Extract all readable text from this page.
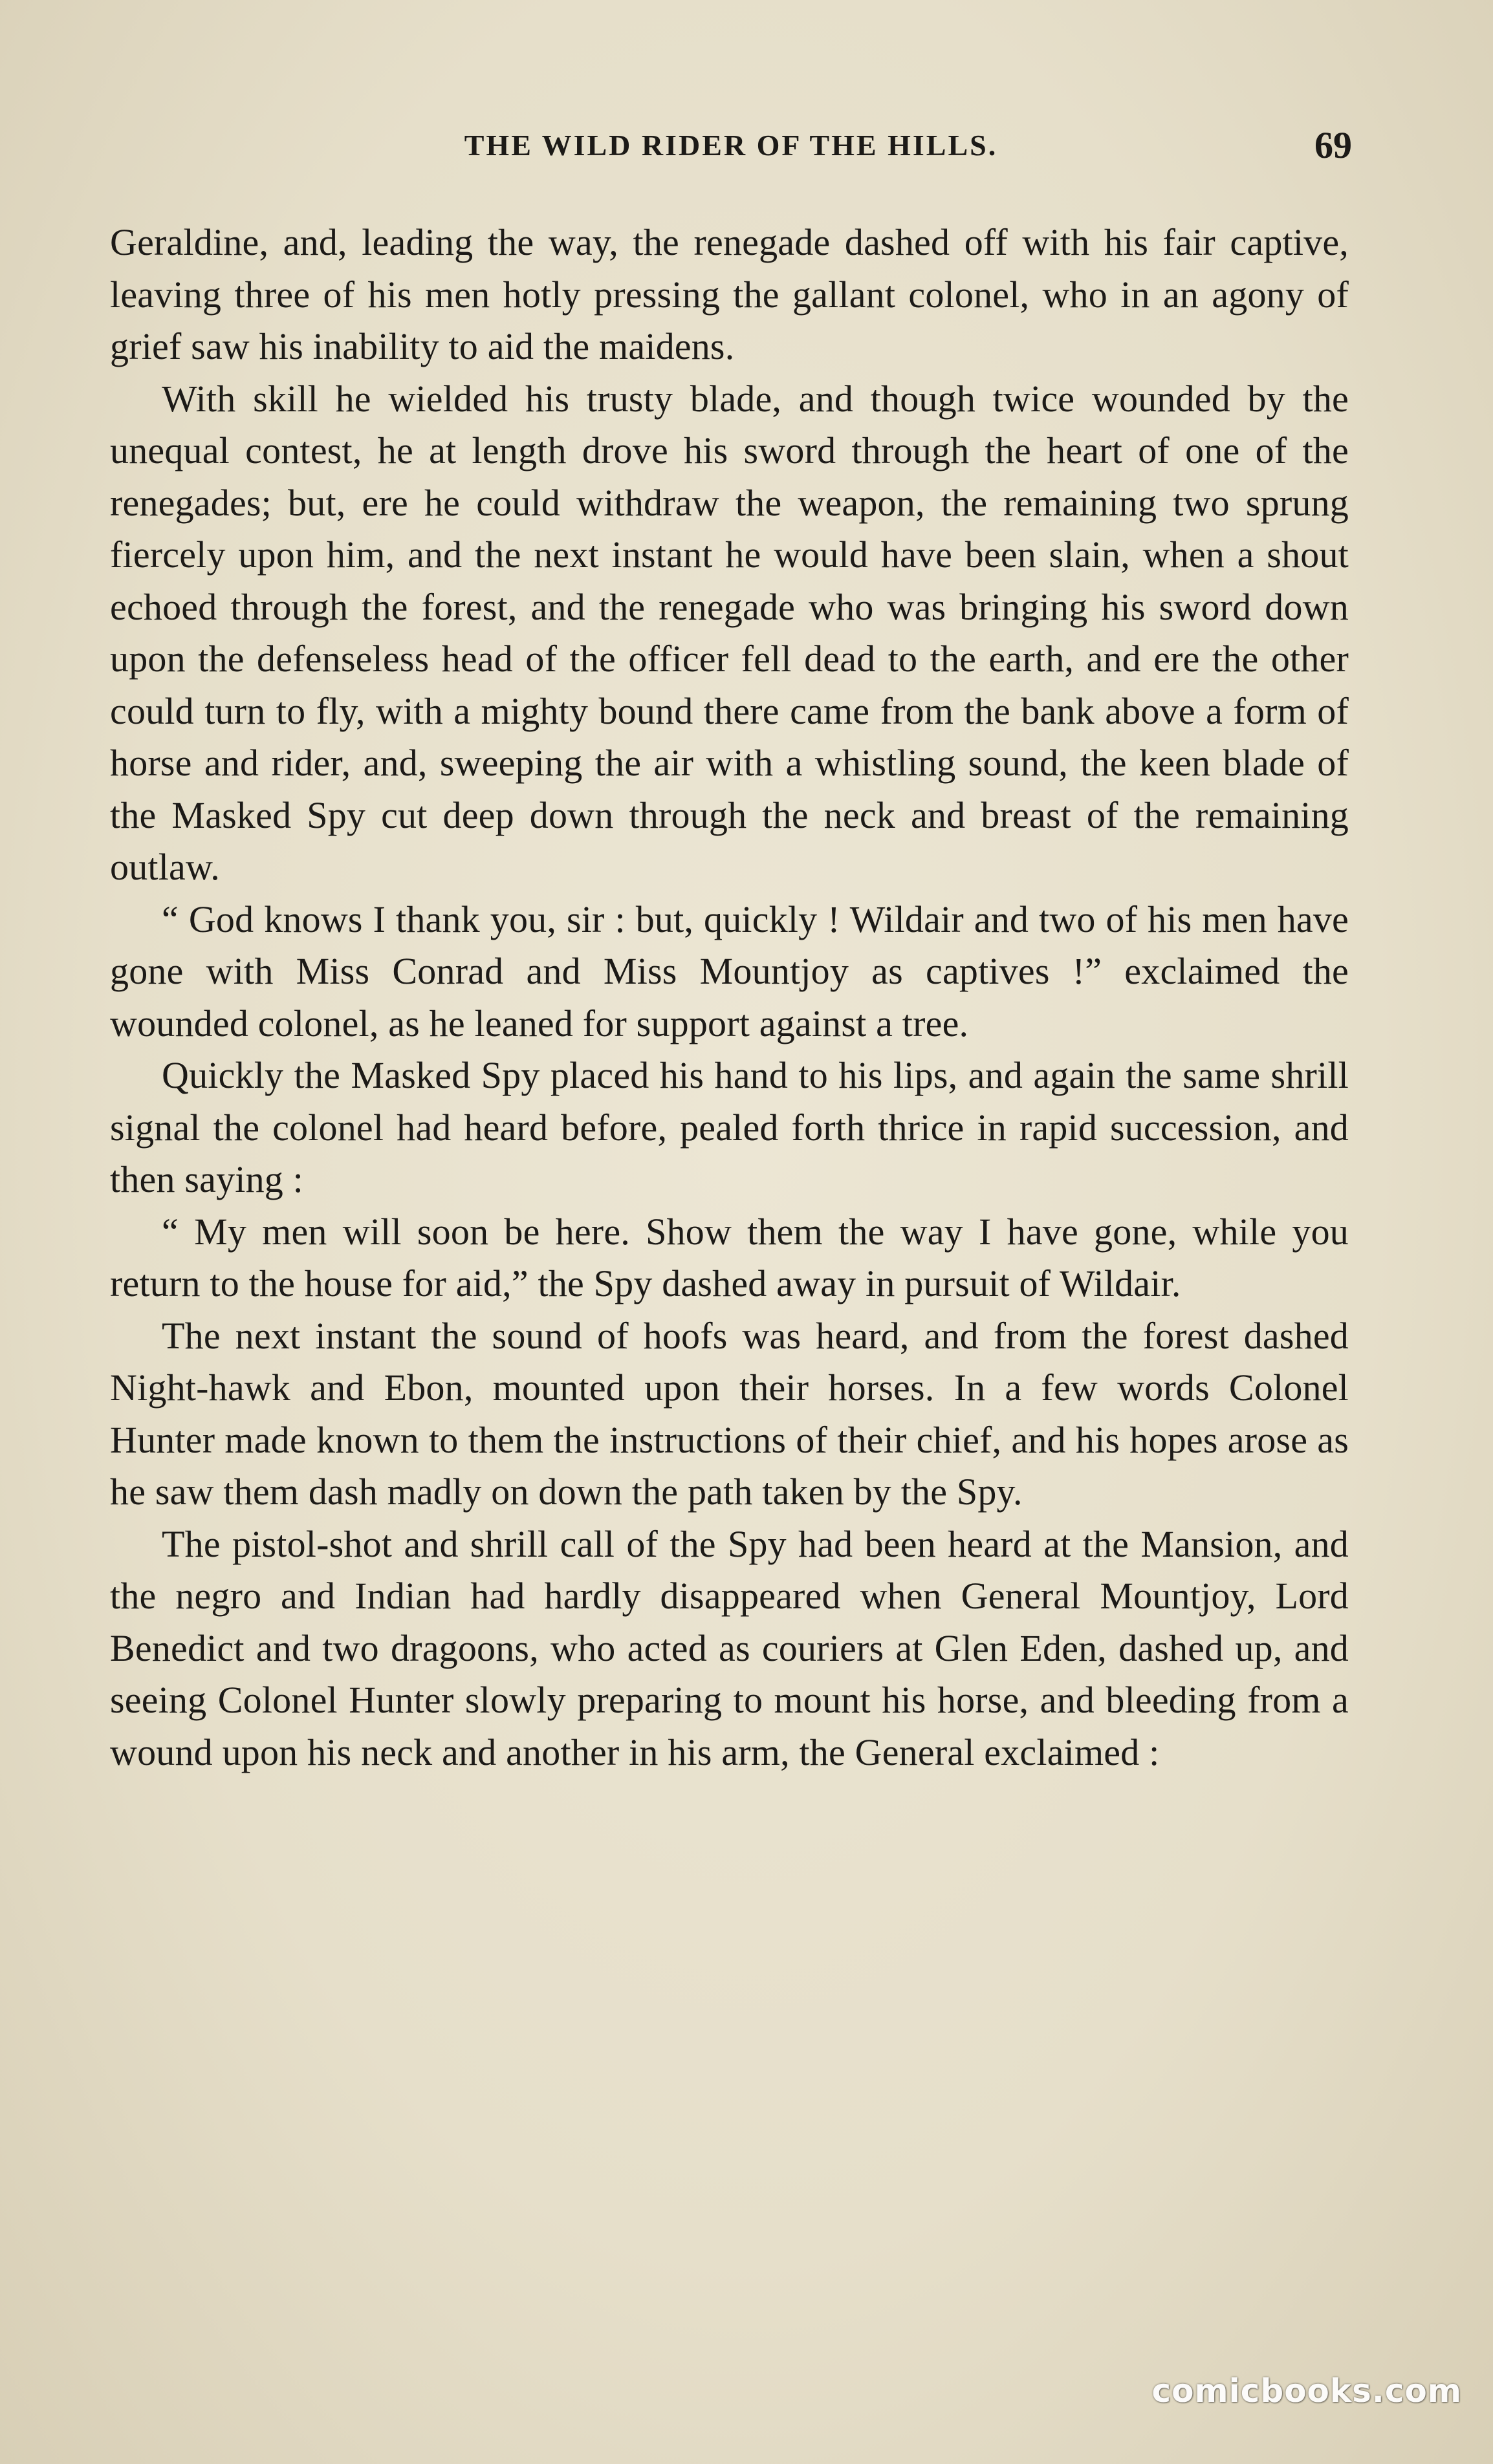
THE WILD RIDER OF THE HILLS.	69

Geraldine, and, leading the way, the renegade dashed off with his fair captive, leaving three of his men hotly pressing the gallant colonel, who in an agony of grief saw his inability to aid the maidens.

With skill he wielded his trusty blade, and though twice wounded by the unequal contest, he at length drove his sword through the heart of one of the renegades; but, ere he could withdraw the weapon, the remaining two sprung fiercely upon him, and the next instant he would have been slain, when a shout echoed through the forest, and the renegade who was bringing his sword down upon the defenseless head of the officer fell dead to the earth, and ere the other could turn to fly, with a mighty bound there came from the bank above a form of horse and rider, and, sweeping the air with a whistling sound, the keen blade of the Masked Spy cut deep down through the neck and breast of the remaining outlaw.

“ God knows I thank you, sir : but, quickly ! Wildair and two of his men have gone with Miss Conrad and Miss Mountjoy as captives !” exclaimed the wounded colonel, as he leaned for support against a tree.

Quickly the Masked Spy placed his hand to his lips, and again the same shrill signal the colonel had heard before, pealed forth thrice in rapid succession, and then saying :

“ My men will soon be here. Show them the way I have gone, while you return to the house for aid,” the Spy dashed away in pursuit of Wildair.

The next instant the sound of hoofs was heard, and from the forest dashed Night-hawk and Ebon, mounted upon their horses. In a few words Colonel Hunter made known to them the instructions of their chief, and his hopes arose as he saw them dash madly on down the path taken by the Spy.

The pistol-shot and shrill call of the Spy had been heard at the Mansion, and the negro and Indian had hardly disappeared when General Mountjoy, Lord Benedict and two dragoons, who acted as couriers at Glen Eden, dashed up, and seeing Colonel Hunter slowly preparing to mount his horse, and bleeding from a wound upon his neck and another in his arm, the General exclaimed :

comicbooks.com
